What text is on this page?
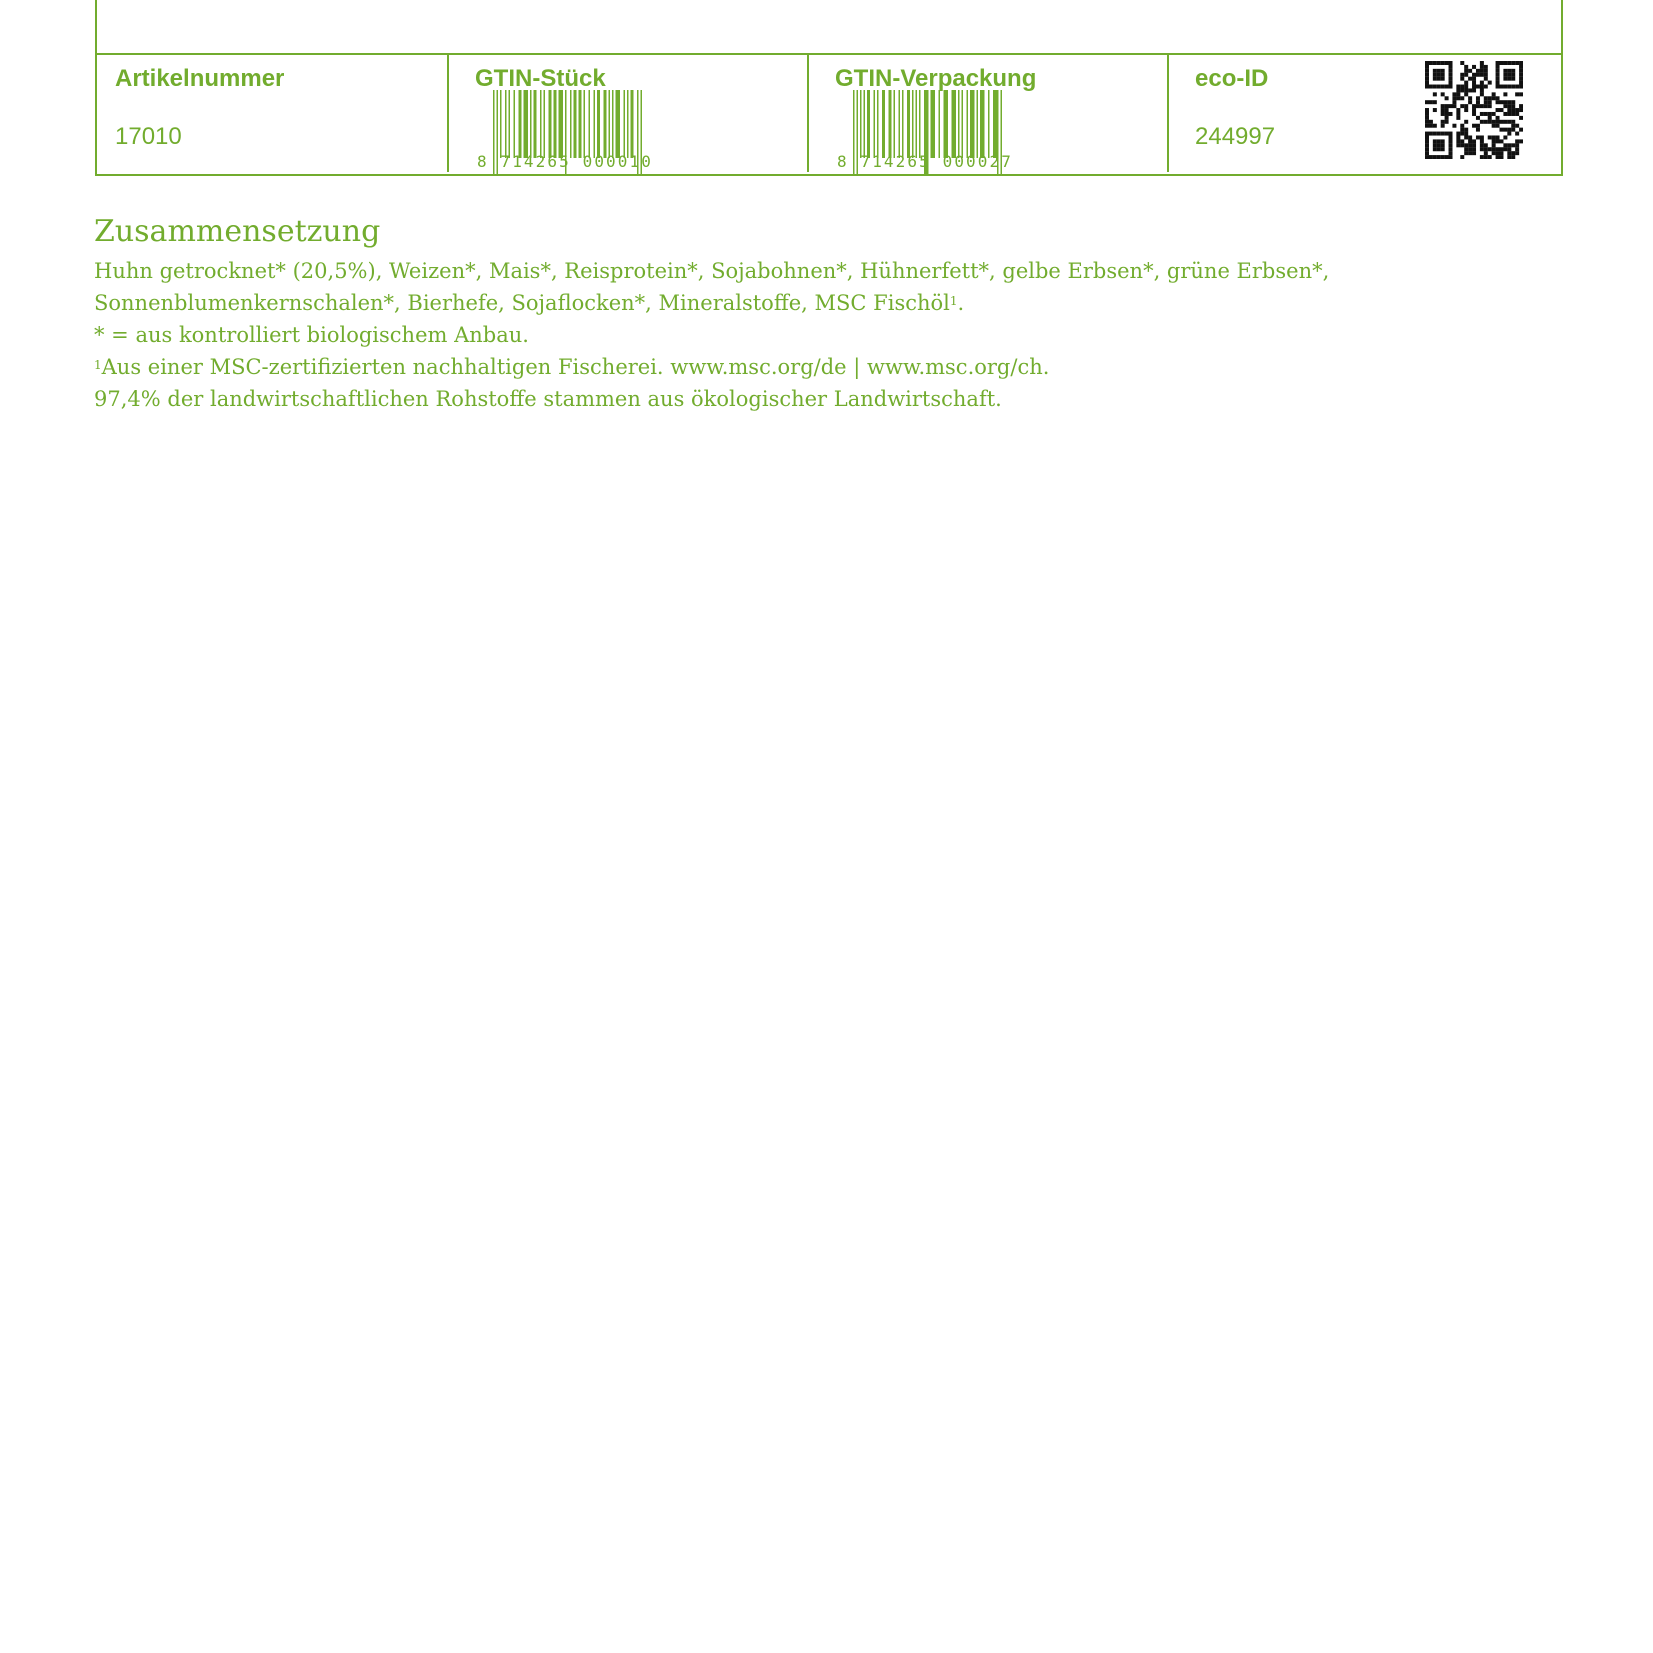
Artikelnummer
17010
8 714265 000010
GTIN-Stück
8 714265 000027
GTIN-Verpackung	eco-ID
244997
Zusammensetzung

Huhn getrocknet* (20,5%), Weizen*, Mais*, Reisprotein*, Sojabohnen*, Hühnerfett*, gelbe Erbsen*, grüne Erbsen*,

Sonnenblumenkernschalen*, Bierhefe, Sojaflocken*, Mineralstoffe, MSC Fischöl$^1$.

* = aus kontrolliert biologischem Anbau.

$^1$Aus einer MSC-zertifizierten nachhaltigen Fischerei. www.msc.org/de | www.msc.org/ch.

97,4% der landwirtschaftlichen Rohstoffe stammen aus ökologischer Landwirtschaft.
